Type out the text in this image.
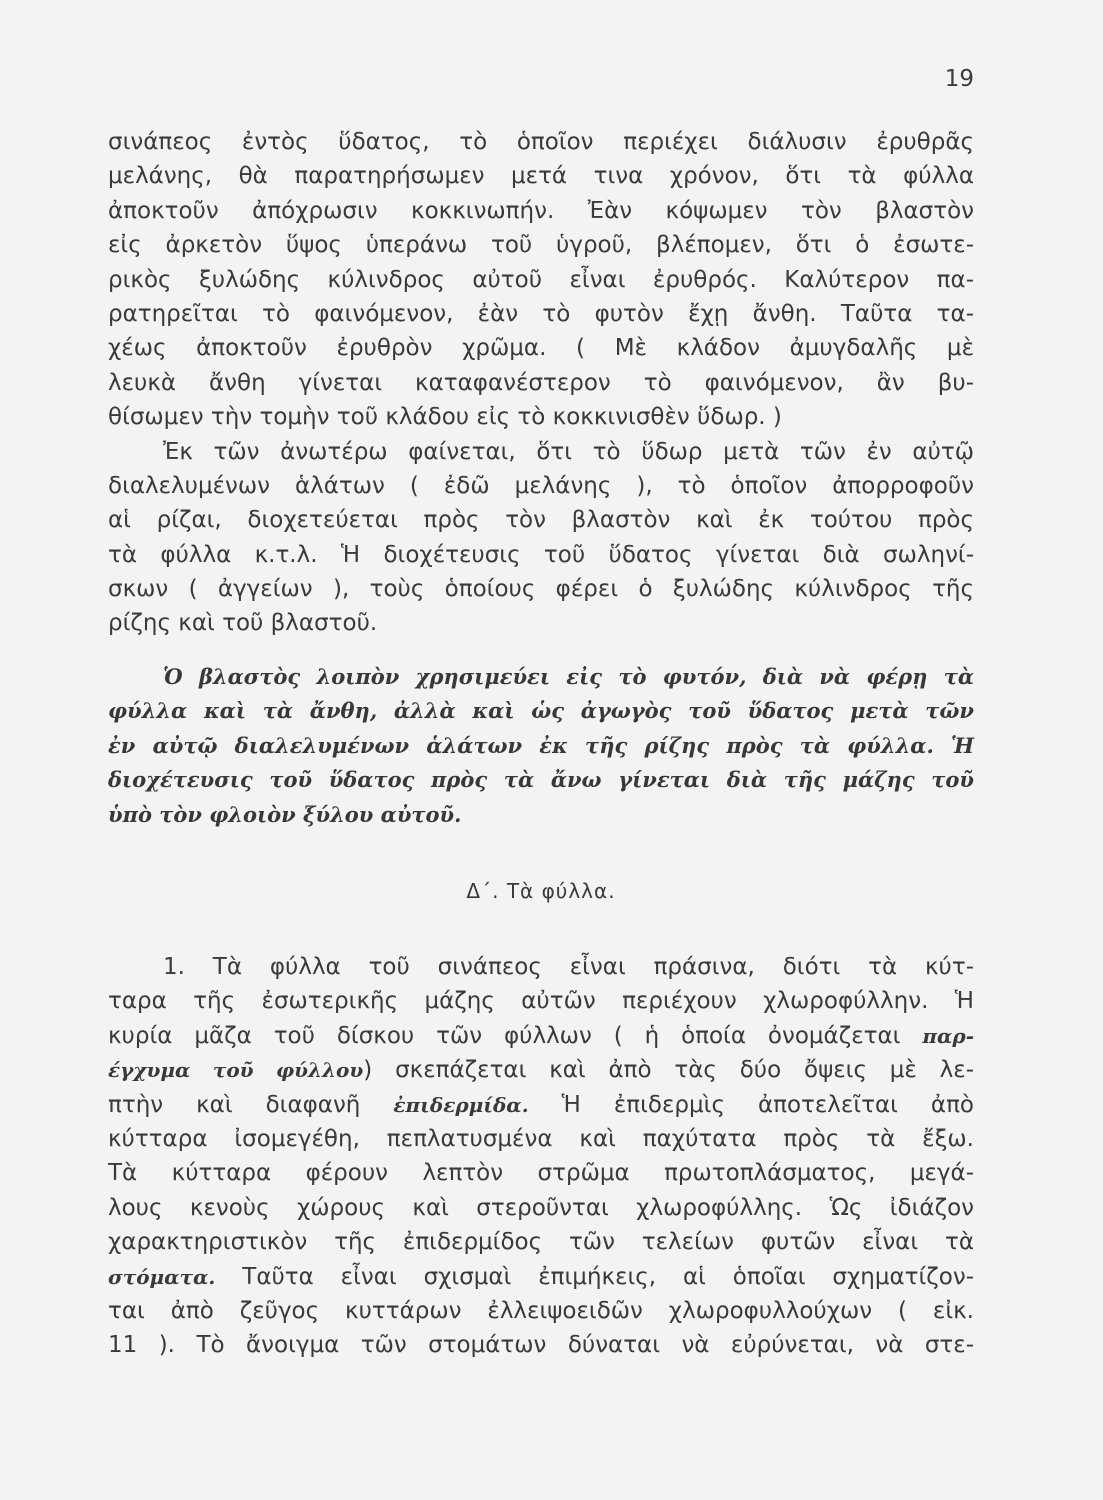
19
σινάπεος ἐντὸς ὕδατος, τὸ ὁποῖον περιέχει διάλυσιν ἐρυθρᾶς
μελάνης, θὰ παρατηρήσωμεν μετά τινα χρόνον, ὅτι τὰ φύλλα
ἀποκτοῦν ἀπόχρωσιν κοκκινωπήν. Ἐὰν κόψωμεν τὸν βλαστὸν
εἰς ἀρκετὸν ὕψος ὑπεράνω τοῦ ὑγροῦ, βλέπομεν, ὅτι ὁ ἐσωτε-
ρικὸς ξυλώδης κύλινδρος αὐτοῦ εἶναι ἐρυθρός. Καλύτερον πα-
ρατηρεῖται τὸ φαινόμενον, ἐὰν τὸ φυτὸν ἔχῃ ἄνθη. Ταῦτα τα-
χέως ἀποκτοῦν ἐρυθρὸν χρῶμα. ( Μὲ κλάδον ἀμυγδαλῆς μὲ
λευκὰ ἄνθη γίνεται καταφανέστερον τὸ φαινόμενον, ἂν βυ-
θίσωμεν τὴν τομὴν τοῦ κλάδου εἰς τὸ κοκκινισθὲν ὕδωρ. )
Ἐκ τῶν ἀνωτέρω φαίνεται, ὅτι τὸ ὕδωρ μετὰ τῶν ἐν αὐτῷ
διαλελυμένων ἁλάτων ( ἐδῶ μελάνης ), τὸ ὁποῖον ἀπορροφοῦν
αἱ ρίζαι, διοχετεύεται πρὸς τὸν βλαστὸν καὶ ἐκ τούτου πρὸς
τὰ φύλλα κ.τ.λ. Ἡ διοχέτευσις τοῦ ὕδατος γίνεται διὰ σωληνί-
σκων ( ἀγγείων ), τοὺς ὁποίους φέρει ὁ ξυλώδης κύλινδρος τῆς
ρίζης καὶ τοῦ βλαστοῦ.
Ὁ βλαστὸς λοιπὸν χρησιμεύει εἰς τὸ φυτόν, διὰ νὰ φέρῃ τὰ
φύλλα καὶ τὰ ἄνθη, ἀλλὰ καὶ ὡς ἀγωγὸς τοῦ ὕδατος μετὰ τῶν
ἐν αὐτῷ διαλελυμένων ἁλάτων ἐκ τῆς ρίζης πρὸς τὰ φύλλα. Ἡ
διοχέτευσις τοῦ ὕδατος πρὸς τὰ ἄνω γίνεται διὰ τῆς μάζης τοῦ
ὑπὸ τὸν φλοιὸν ξύλου αὐτοῦ.
Δ΄. Τὰ φύλλα.
1. Τὰ φύλλα τοῦ σινάπεος εἶναι πράσινα, διότι τὰ κύτ-
ταρα τῆς ἐσωτερικῆς μάζης αὐτῶν περιέχουν χλωροφύλλην. Ἡ
κυρία μᾶζα τοῦ δίσκου τῶν φύλλων ( ἡ ὁποία ὀνομάζεται παρ-
έγχυμα τοῦ φύλλου) σκεπάζεται καὶ ἀπὸ τὰς δύο ὄψεις μὲ λε-
πτὴν καὶ διαφανῆ ἐπιδερμίδα. Ἡ ἐπιδερμὶς ἀποτελεῖται ἀπὸ
κύτταρα ἰσομεγέθη, πεπλατυσμένα καὶ παχύτατα πρὸς τὰ ἔξω.
Τὰ κύτταρα φέρουν λεπτὸν στρῶμα πρωτοπλάσματος, μεγά-
λους κενοὺς χώρους καὶ στεροῦνται χλωροφύλλης. Ὡς ἰδιάζον
χαρακτηριστικὸν τῆς ἐπιδερμίδος τῶν τελείων φυτῶν εἶναι τὰ
στόματα. Ταῦτα εἶναι σχισμαὶ ἐπιμήκεις, αἱ ὁποῖαι σχηματίζον-
ται ἀπὸ ζεῦγος κυττάρων ἐλλειψοειδῶν χλωροφυλλούχων ( εἰκ.
11 ). Τὸ ἄνοιγμα τῶν στομάτων δύναται νὰ εὐρύνεται, νὰ στε-
